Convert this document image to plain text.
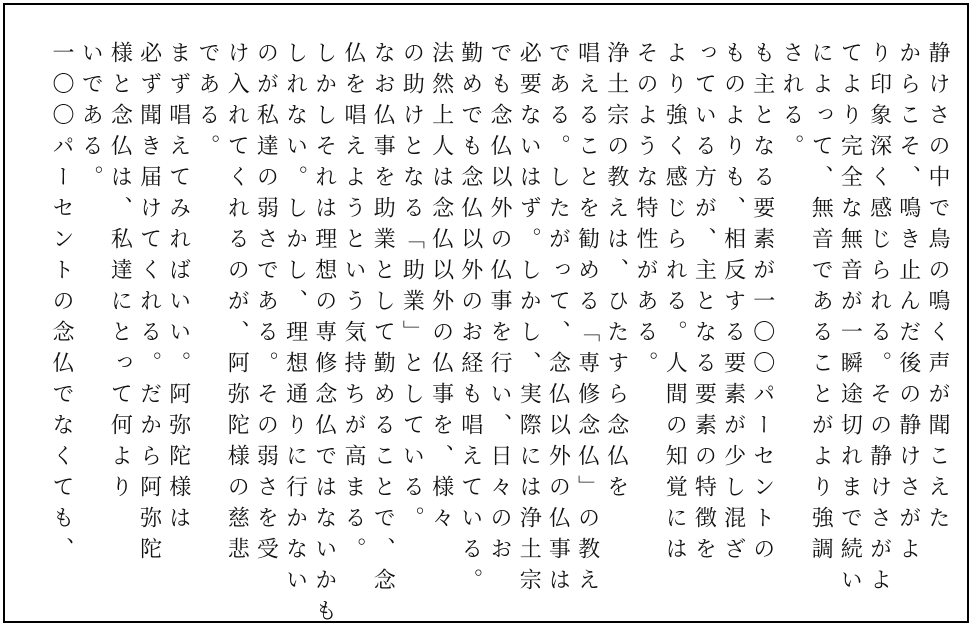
静けさの中で鳥の鳴く声が聞こえた
からこそ、鳴き止んだ後の静けさがよ
り印象深く感じられる。その静けさがよ
てより完全な無音が一瞬途切れまで続い
によって、無音であることがより強調
される。
も主となる要素が一〇〇パーセントの
ものよりも、相反する要素が少し混ざ
っている方が、主となる要素の特徴を
より強く感じられる。人間の知覚には
そのような特性がある。
浄土宗の教えは、ひたすら念仏を
唱えることを勧める「専修念仏」の教え
である。したがって、念仏以外の仏事は
必要ないはず。しかし、実際には浄土宗
でも念仏以外の仏事を行い、日々のお
勤めでも念仏以外のお経も唱えている。
法然上人は念仏以外の仏事を、様々
の助けとなる「助業」としている。
なお仏事を助業として勤めることで、念
仏を唱えようという気持ちが高まる。
しかしそれは理想の専修念仏ではないかも
しれない。しかし、理想通りに行かない
のが私達の弱さである。その弱さを受
け入れてくれるのが、阿弥陀様の慈悲
である。
まず唱えてみればいい。阿弥陀様は
必ず聞き届けてくれる。だから阿弥陀
様と念仏は、私達にとって何より
いである。
一〇〇パーセントの念仏でなくても、
